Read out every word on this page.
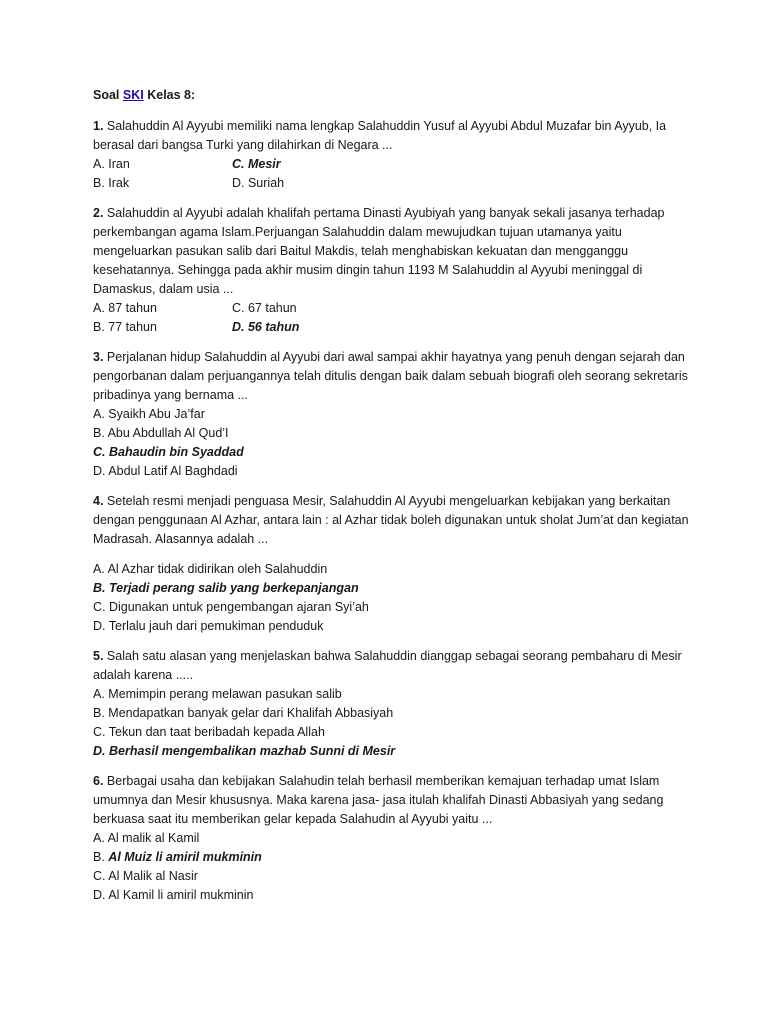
Soal SKI Kelas 8:

1. Salahuddin Al Ayyubi memiliki nama lengkap Salahuddin Yusuf al Ayyubi Abdul Muzafar bin Ayyub, Ia berasal dari bangsa Turki yang dilahirkan di Negara ...

A. Iran	C. Mesir

B. Irak	D. Suriah

2. Salahuddin al Ayyubi adalah khalifah pertama Dinasti Ayubiyah yang banyak sekali jasanya terhadap perkembangan agama Islam.Perjuangan Salahuddin dalam mewujudkan tujuan utamanya yaitu mengeluarkan pasukan salib dari Baitul Makdis, telah menghabiskan kekuatan dan mengganggu kesehatannya. Sehingga pada akhir musim dingin tahun 1193 M Salahuddin al Ayyubi meninggal di Damaskus, dalam usia ...

A. 87 tahun	C. 67 tahun

B. 77 tahun	D. 56 tahun

3. Perjalanan hidup Salahuddin al Ayyubi dari awal sampai akhir hayatnya yang penuh dengan sejarah dan pengorbanan dalam perjuangannya telah ditulis dengan baik dalam sebuah biografi oleh seorang sekretaris pribadinya yang bernama ...

A. Syaikh Abu Ja’far

B. Abu Abdullah Al Qud’I

C. Bahaudin bin Syaddad

D. Abdul Latif Al Baghdadi

4. Setelah resmi menjadi penguasa Mesir, Salahuddin Al Ayyubi mengeluarkan kebijakan yang berkaitan dengan penggunaan Al Azhar, antara lain : al Azhar tidak boleh digunakan untuk sholat Jum’at dan kegiatan Madrasah. Alasannya adalah ...

A. Al Azhar tidak didirikan oleh Salahuddin

B. Terjadi perang salib yang berkepanjangan

C. Digunakan untuk pengembangan ajaran Syi’ah

D. Terlalu jauh dari pemukiman penduduk

5. Salah satu alasan yang menjelaskan bahwa Salahuddin dianggap sebagai seorang pembaharu di Mesir adalah karena .....

A. Memimpin perang melawan pasukan salib

B. Mendapatkan banyak gelar dari Khalifah Abbasiyah

C. Tekun dan taat beribadah kepada Allah

D. Berhasil mengembalikan mazhab Sunni di Mesir

6. Berbagai usaha dan kebijakan Salahudin telah berhasil memberikan kemajuan terhadap umat Islam umumnya dan Mesir khususnya. Maka karena jasa- jasa itulah khalifah Dinasti Abbasiyah yang sedang berkuasa saat itu memberikan gelar kepada Salahudin al Ayyubi yaitu ...

A. Al malik al Kamil

B. Al Muiz li amiril mukminin

C. Al Malik al Nasir

D. Al Kamil li amiril mukminin
